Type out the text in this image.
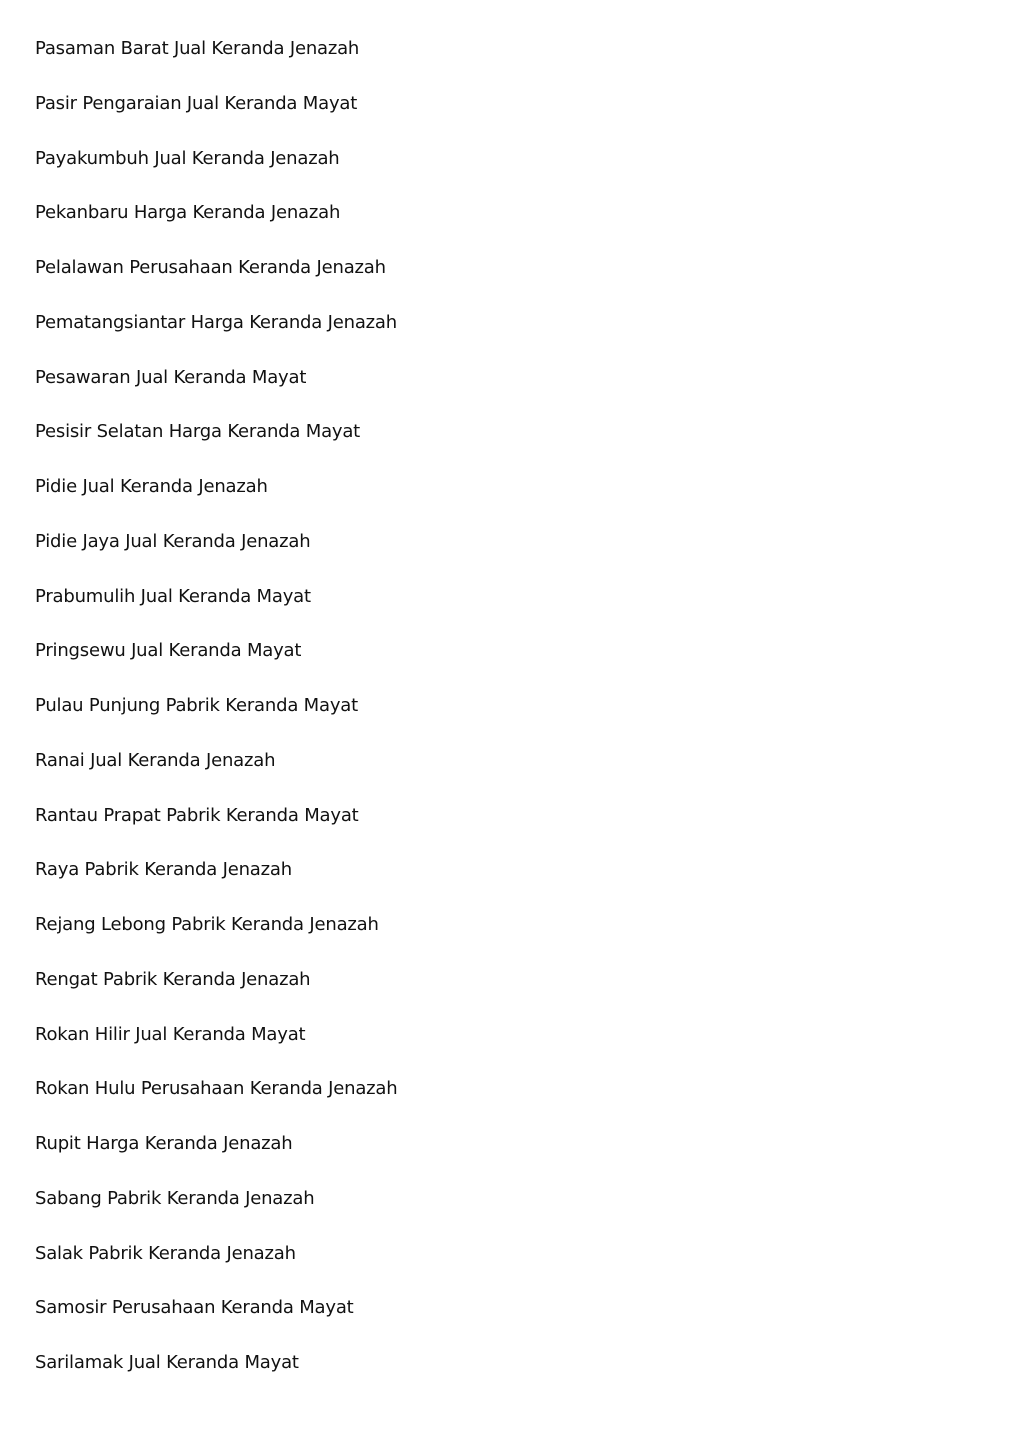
Pasaman Barat Jual Keranda Jenazah
Pasir Pengaraian Jual Keranda Mayat
Payakumbuh Jual Keranda Jenazah
Pekanbaru Harga Keranda Jenazah
Pelalawan Perusahaan Keranda Jenazah
Pematangsiantar Harga Keranda Jenazah
Pesawaran Jual Keranda Mayat
Pesisir Selatan Harga Keranda Mayat
Pidie Jual Keranda Jenazah
Pidie Jaya Jual Keranda Jenazah
Prabumulih Jual Keranda Mayat
Pringsewu Jual Keranda Mayat
Pulau Punjung Pabrik Keranda Mayat
Ranai Jual Keranda Jenazah
Rantau Prapat Pabrik Keranda Mayat
Raya Pabrik Keranda Jenazah
Rejang Lebong Pabrik Keranda Jenazah
Rengat Pabrik Keranda Jenazah
Rokan Hilir Jual Keranda Mayat
Rokan Hulu Perusahaan Keranda Jenazah
Rupit Harga Keranda Jenazah
Sabang Pabrik Keranda Jenazah
Salak Pabrik Keranda Jenazah
Samosir Perusahaan Keranda Mayat
Sarilamak Jual Keranda Mayat
